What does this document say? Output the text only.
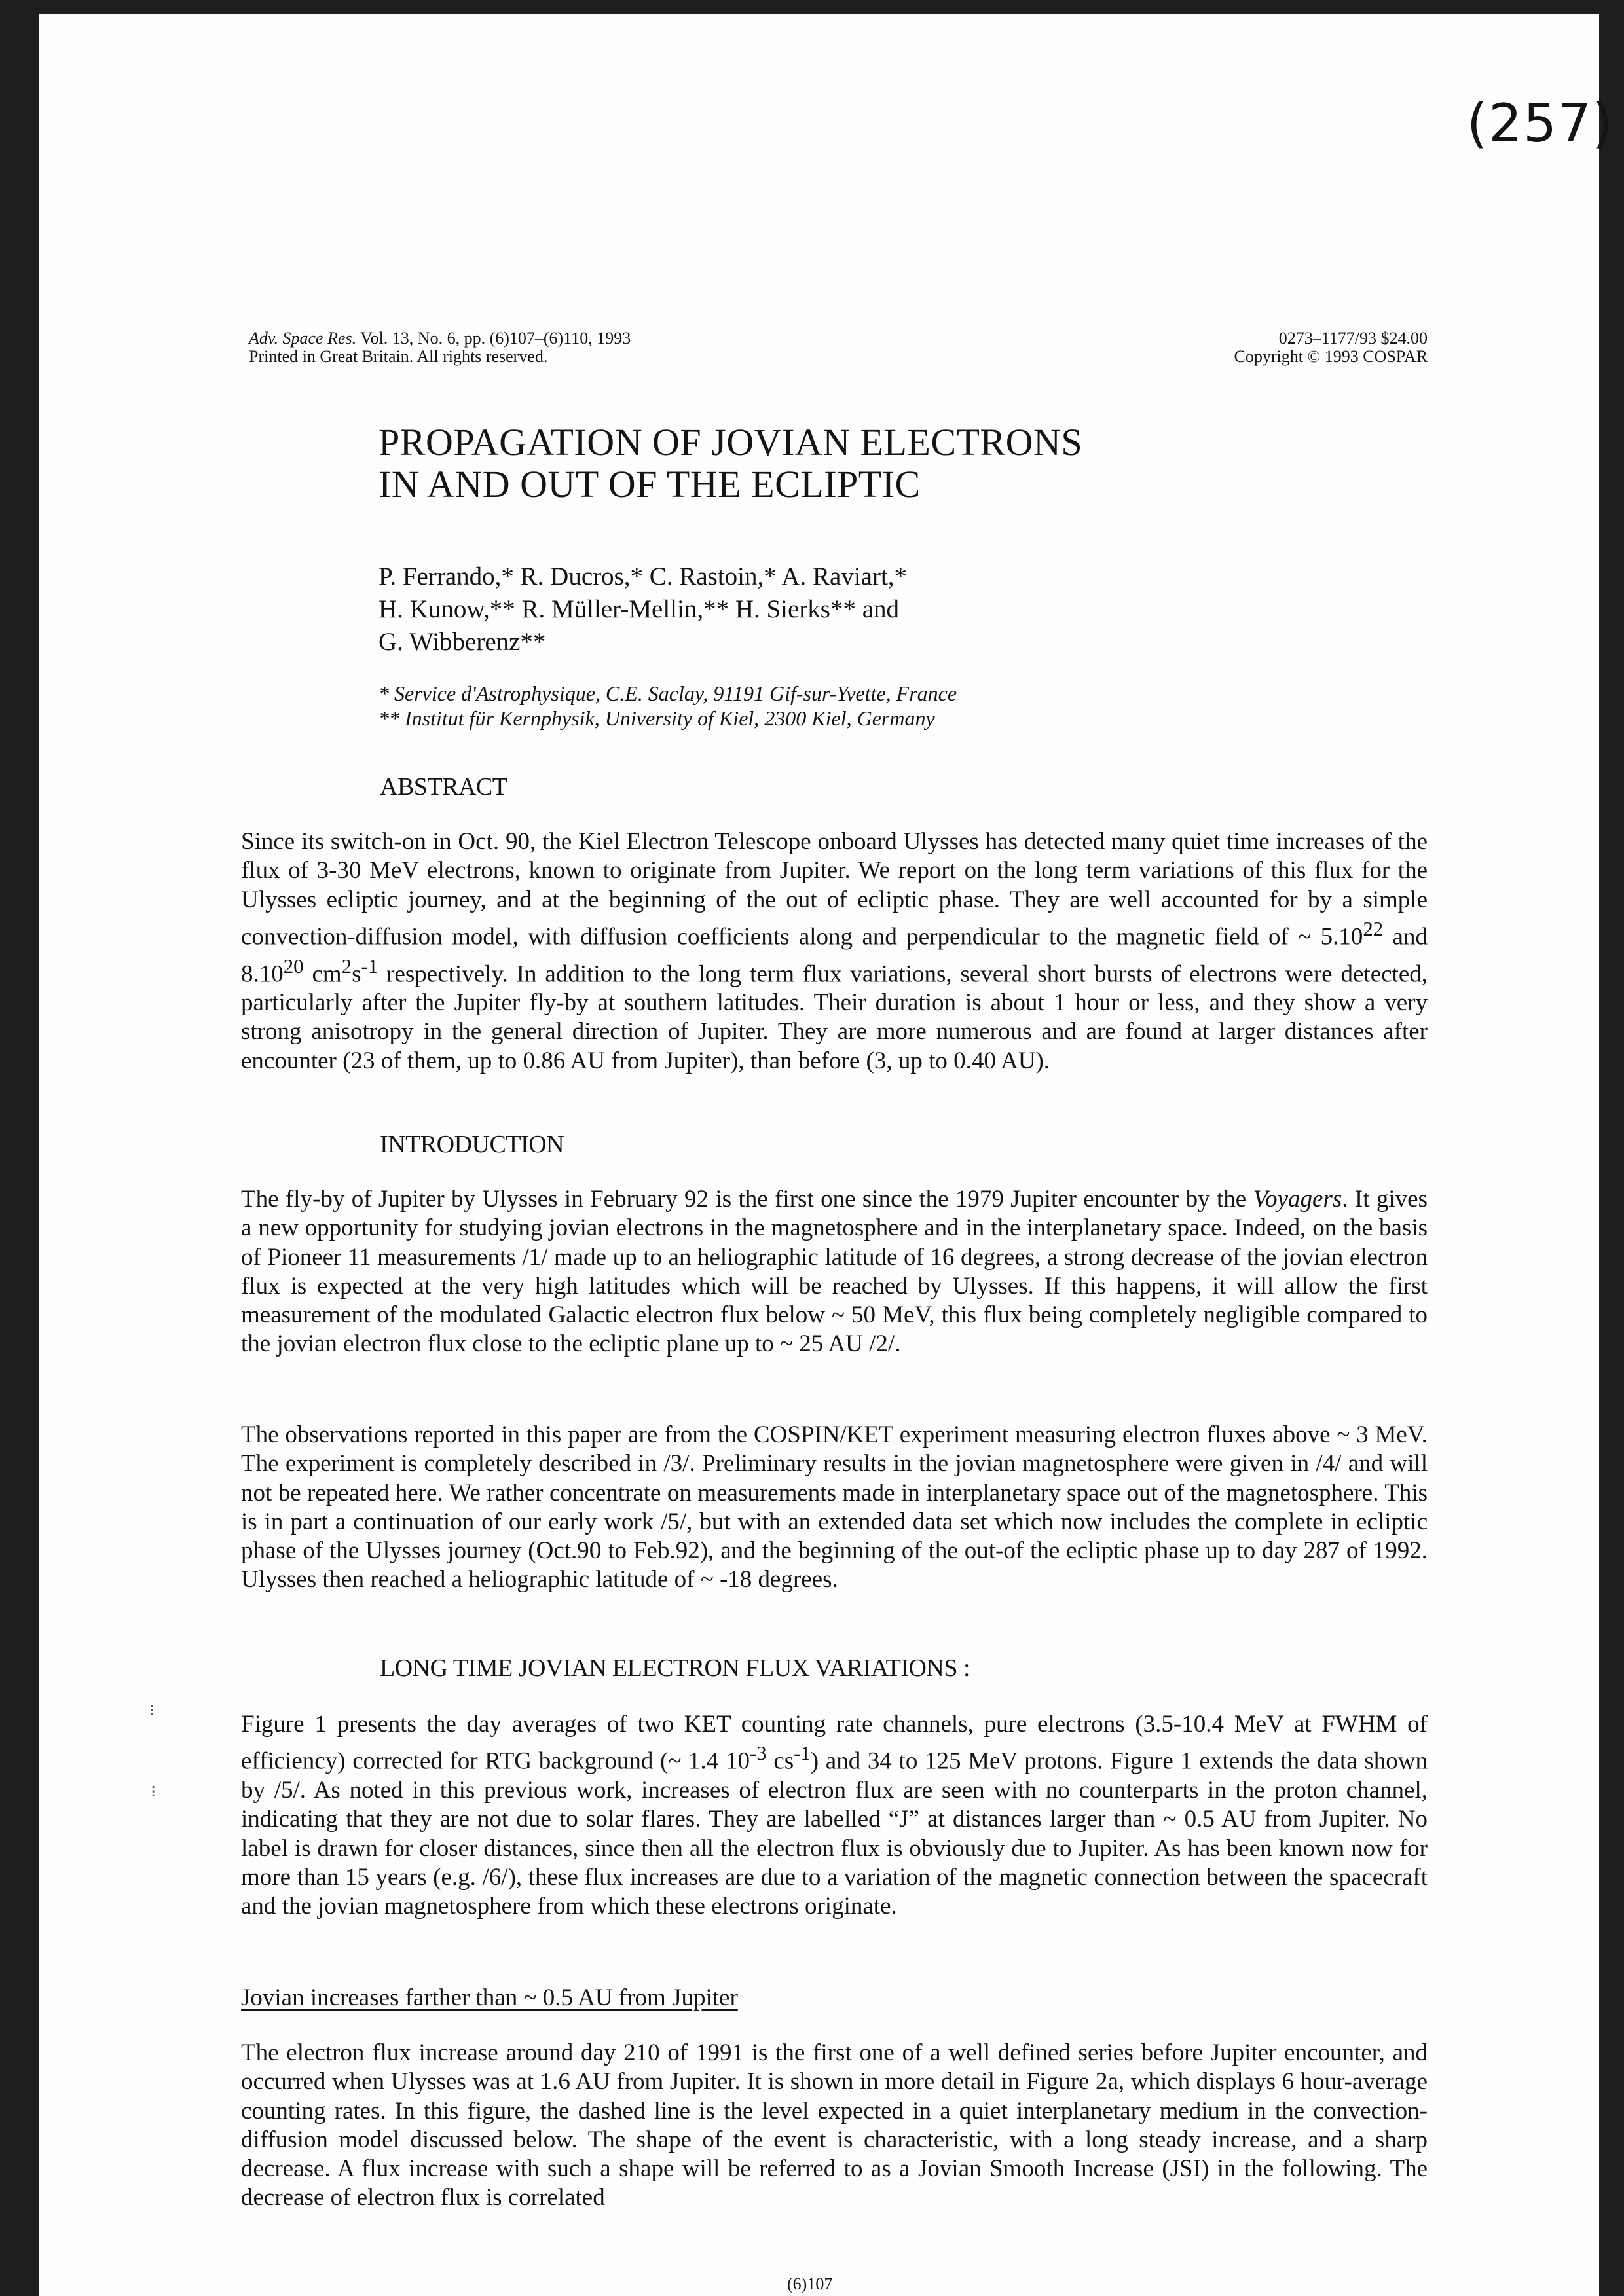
(257)
Adv. Space Res. Vol. 13, No. 6, pp. (6)107–(6)110, 1993
Printed in Great Britain. All rights reserved.
0273–1177/93 $24.00
Copyright © 1993 COSPAR
PROPAGATION OF JOVIAN ELECTRONS
IN AND OUT OF THE ECLIPTIC
P. Ferrando,* R. Ducros,* C. Rastoin,* A. Raviart,*
H. Kunow,** R. Müller-Mellin,** H. Sierks** and
G. Wibberenz**
* Service d'Astrophysique, C.E. Saclay, 91191 Gif-sur-Yvette, France
** Institut für Kernphysik, University of Kiel, 2300 Kiel, Germany
ABSTRACT

Since its switch-on in Oct. 90, the Kiel Electron Telescope onboard Ulysses has detected many quiet time increases of the flux of 3-30 MeV electrons, known to originate from Jupiter. We report on the long term variations of this flux for the Ulysses ecliptic journey, and at the beginning of the out of ecliptic phase. They are well accounted for by a simple convection-diffusion model, with diffusion coefficients along and perpendicular to the magnetic field of ~ 5.10$^{22}$ and 8.10$^{20}$ $cm^2s^{-1}$ respectively. In addition to the long term flux variations, several short bursts of electrons were detected, particularly after the Jupiter fly-by at southern latitudes. Their duration is about 1 hour or less, and they show a very strong anisotropy in the general direction of Jupiter. They are more numerous and are found at larger distances after encounter (23 of them, up to 0.86 AU from Jupiter), than before (3, up to 0.40 AU).

INTRODUCTION

The fly-by of Jupiter by Ulysses in February 92 is the first one since the 1979 Jupiter encounter by the Voyagers. It gives a new opportunity for studying jovian electrons in the magnetosphere and in the interplanetary space. Indeed, on the basis of Pioneer 11 measurements /1/ made up to an heliographic latitude of 16 degrees, a strong decrease of the jovian electron flux is expected at the very high latitudes which will be reached by Ulysses. If this happens, it will allow the first measurement of the modulated Galactic electron flux below ~ 50 MeV, this flux being completely negligible compared to the jovian electron flux close to the ecliptic plane up to ~ 25 AU /2/.

The observations reported in this paper are from the COSPIN/KET experiment measuring electron fluxes above ~ 3 MeV. The experiment is completely described in /3/. Preliminary results in the jovian magnetosphere were given in /4/ and will not be repeated here. We rather concentrate on measurements made in interplanetary space out of the magnetosphere. This is in part a continuation of our early work /5/, but with an extended data set which now includes the complete in ecliptic phase of the Ulysses journey (Oct.90 to Feb.92), and the beginning of the out-of the ecliptic phase up to day 287 of 1992. Ulysses then reached a heliographic latitude of ~ -18 degrees.

LONG TIME JOVIAN ELECTRON FLUX VARIATIONS :

Figure 1 presents the day averages of two KET counting rate channels, pure electrons (3.5-10.4 MeV at FWHM of efficiency) corrected for RTG background (~ 1.4 $10^{-3}$ $cs^{-1}$) and 34 to 125 MeV protons. Figure 1 extends the data shown by /5/. As noted in this previous work, increases of electron flux are seen with no counterparts in the proton channel, indicating that they are not due to solar flares. They are labelled “J” at distances larger than ~ 0.5 AU from Jupiter. No label is drawn for closer distances, since then all the electron flux is obviously due to Jupiter. As has been known now for more than 15 years (e.g. /6/), these flux increases are due to a variation of the magnetic connection between the spacecraft and the jovian magnetosphere from which these electrons originate.

Jovian increases farther than ~ 0.5 AU from Jupiter

The electron flux increase around day 210 of 1991 is the first one of a well defined series before Jupiter encounter, and occurred when Ulysses was at 1.6 AU from Jupiter. It is shown in more detail in Figure 2a, which displays 6 hour-average counting rates. In this figure, the dashed line is the level expected in a quiet interplanetary medium in the convection-diffusion model discussed below. The shape of the event is characteristic, with a long steady increase, and a sharp decrease. A flux increase with such a shape will be referred to as a Jovian Smooth Increase (JSI) in the following. The decrease of electron flux is correlated

(6)107
⁝
⁝
